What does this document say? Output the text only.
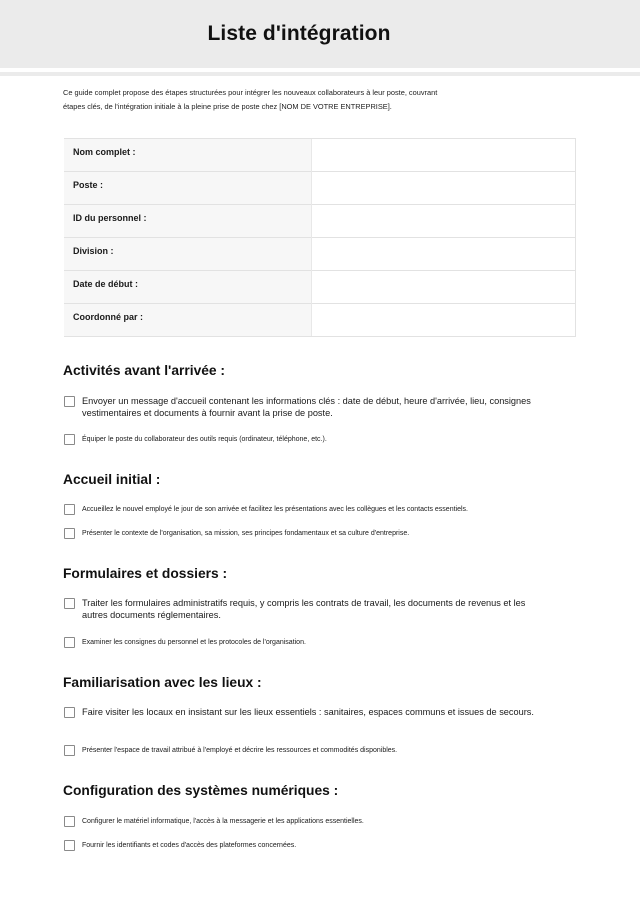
Liste d'intégration
Ce guide complet propose des étapes structurées pour intégrer les nouveaux collaborateurs à leur poste, couvrant
étapes clés, de l'intégration initiale à la pleine prise de poste chez [NOM DE VOTRE ENTREPRISE].
Nom complet :	
Poste :	
ID du personnel :	
Division :	
Date de début :	
Coordonné par :	
Activités avant l'arrivée :
Envoyer un message d'accueil contenant les informations clés : date de début, heure d'arrivée, lieu, consignes vestimentaires et documents à fournir avant la prise de poste.
Équiper le poste du collaborateur des outils requis (ordinateur, téléphone, etc.).
Accueil initial :
Accueillez le nouvel employé le jour de son arrivée et facilitez les présentations avec les collègues et les contacts essentiels.
Présenter le contexte de l'organisation, sa mission, ses principes fondamentaux et sa culture d'entreprise.
Formulaires et dossiers :
Traiter les formulaires administratifs requis, y compris les contrats de travail, les documents de revenus et les autres documents réglementaires.
Examiner les consignes du personnel et les protocoles de l'organisation.
Familiarisation avec les lieux :
Faire visiter les locaux en insistant sur les lieux essentiels : sanitaires, espaces communs et issues de secours.
Présenter l'espace de travail attribué à l'employé et décrire les ressources et commodités disponibles.
Configuration des systèmes numériques :
Configurer le matériel informatique, l'accès à la messagerie et les applications essentielles.
Fournir les identifiants et codes d'accès des plateformes concernées.
